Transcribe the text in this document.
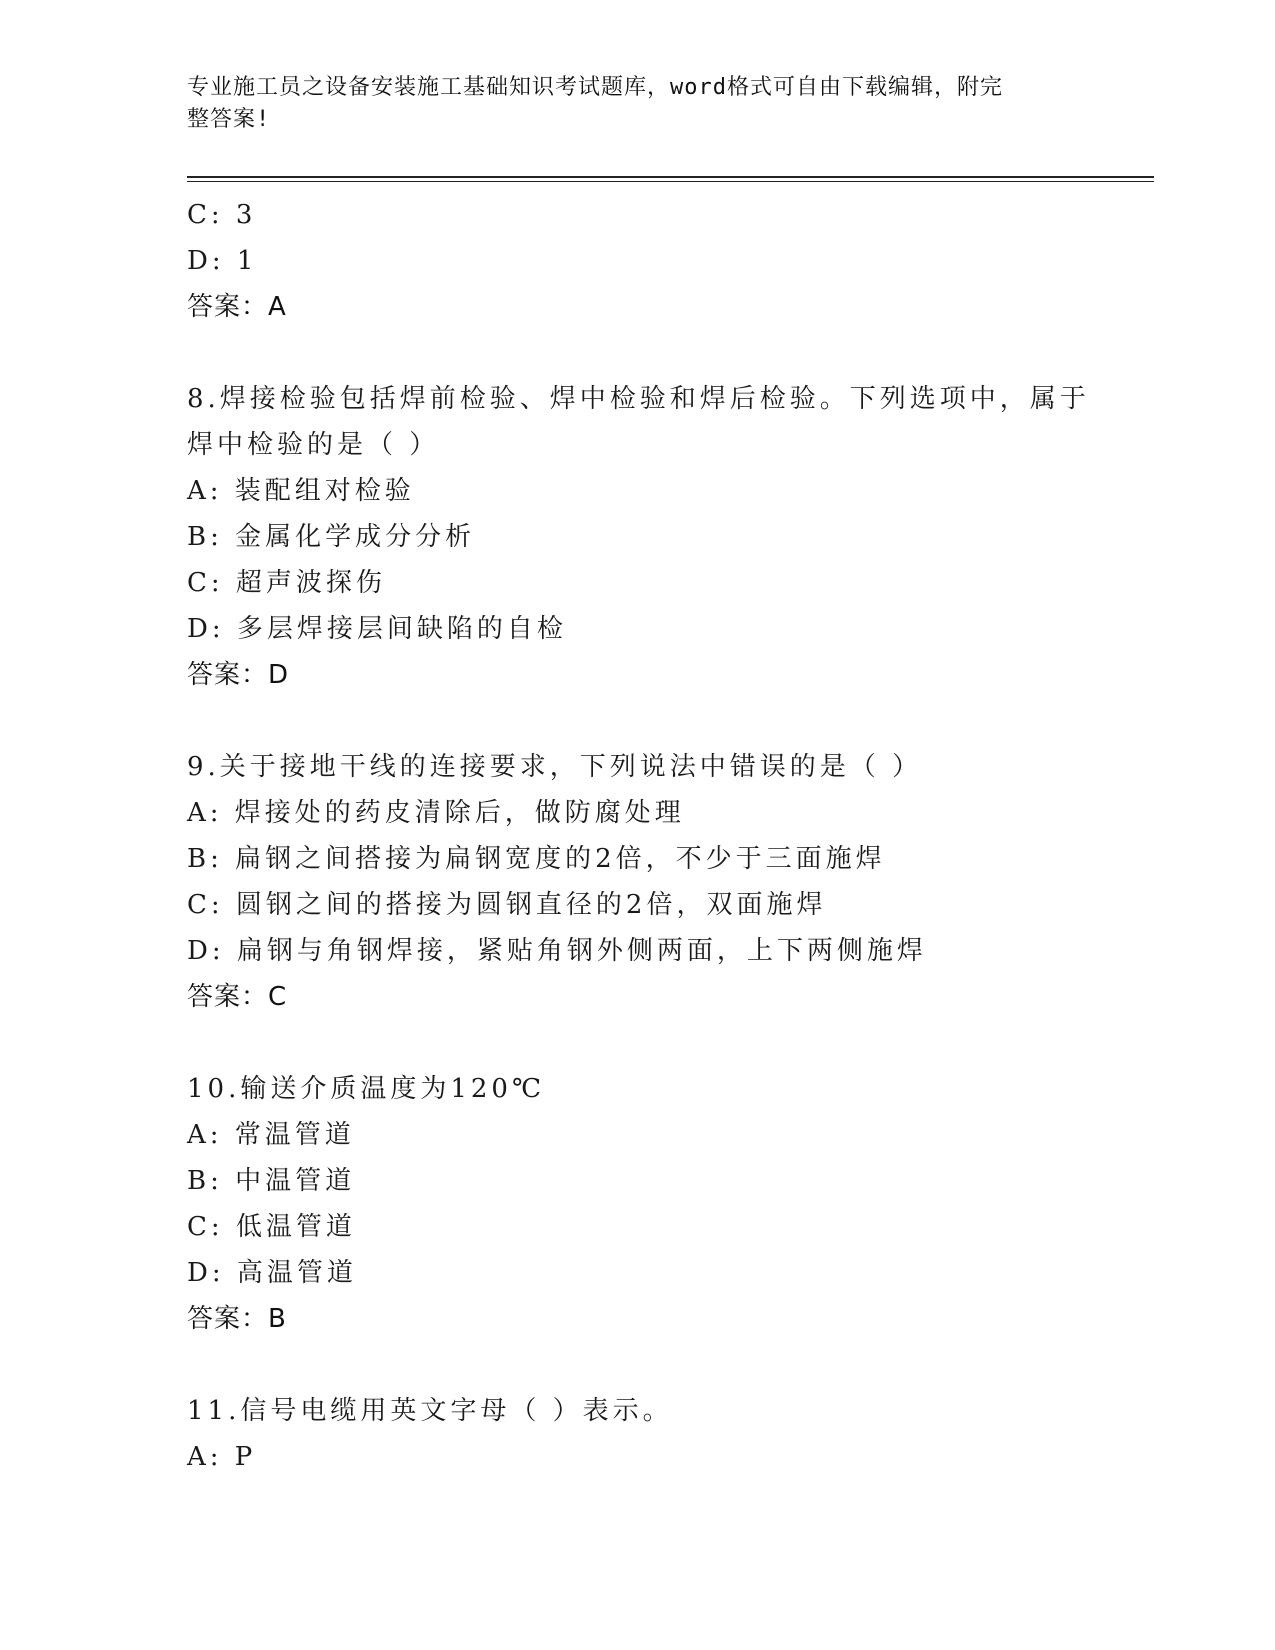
专业施工员之设备安装施工基础知识考试题库，word格式可自由下载编辑，附完
整答案!
C: 3
D: 1
答案：A
8.焊接检验包括焊前检验、焊中检验和焊后检验。下列选项中，属于
焊中检验的是（ ）
A: 装配组对检验
B: 金属化学成分分析
C: 超声波探伤
D: 多层焊接层间缺陷的自检
答案：D
9.关于接地干线的连接要求，下列说法中错误的是（ ）
A: 焊接处的药皮清除后，做防腐处理
B: 扁钢之间搭接为扁钢宽度的2倍，不少于三面施焊
C: 圆钢之间的搭接为圆钢直径的2倍，双面施焊
D: 扁钢与角钢焊接，紧贴角钢外侧两面，上下两侧施焊
答案：C
10.输送介质温度为120℃
A: 常温管道
B: 中温管道
C: 低温管道
D: 高温管道
答案：B
11.信号电缆用英文字母（ ）表示。
A: P
